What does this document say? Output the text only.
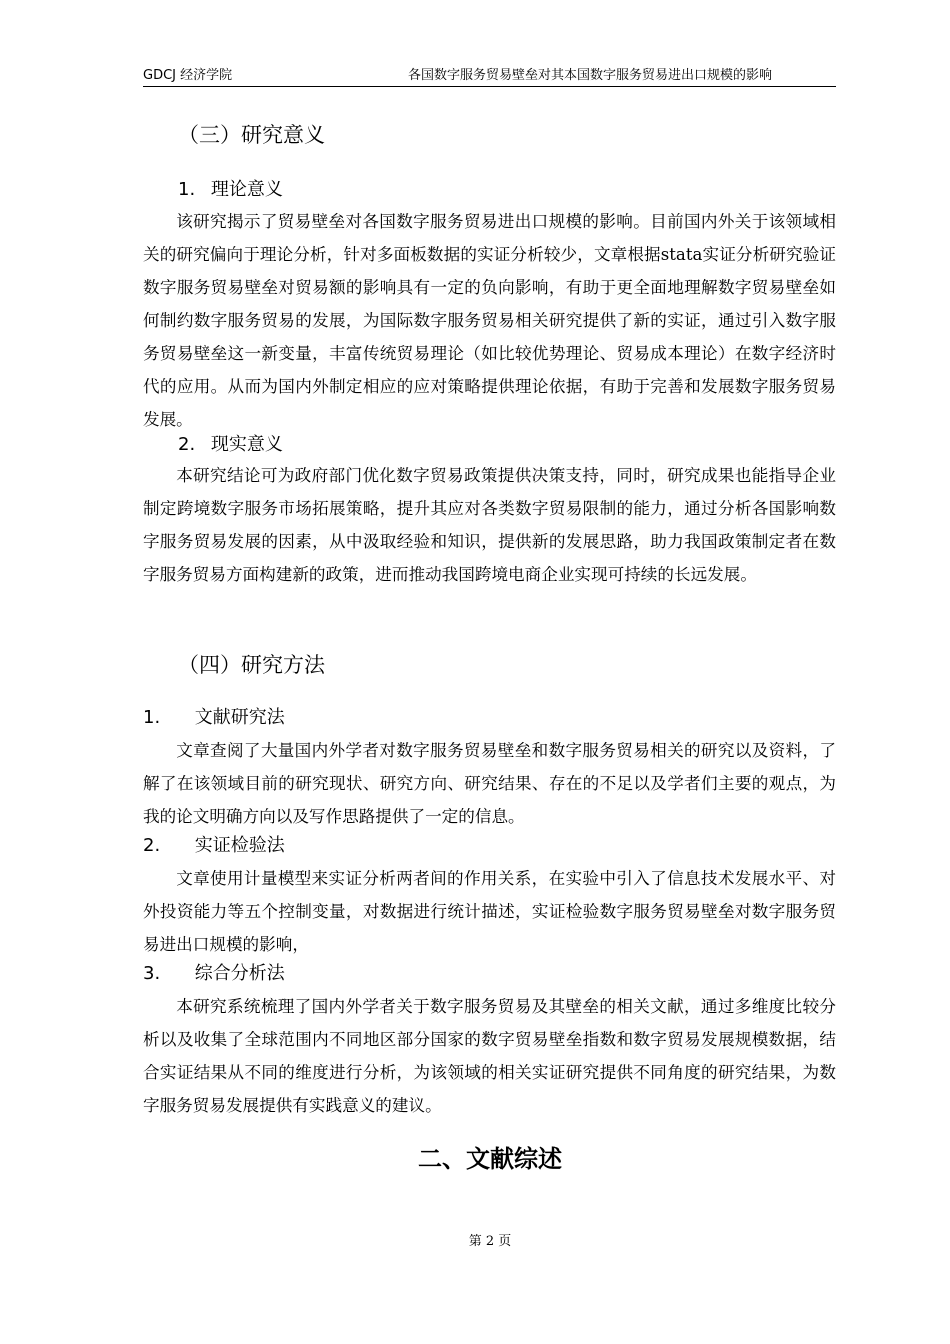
GDCJ 经济学院	各国数字服务贸易壁垒对其本国数字服务贸易进出口规模的影响
（三）研究意义
1. 理论意义

该研究揭示了贸易壁垒对各国数字服务贸易进出口规模的影响。目前国内外关于该领域相关的研究偏向于理论分析，针对多面板数据的实证分析较少，文章根据stata实证分析研究验证数字服务贸易壁垒对贸易额的影响具有一定的负向影响，有助于更全面地理解数字贸易壁垒如何制约数字服务贸易的发展，为国际数字服务贸易相关研究提供了新的实证，通过引入数字服务贸易壁垒这一新变量，丰富传统贸易理论（如比较优势理论、贸易成本理论）在数字经济时代的应用。从而为国内外制定相应的应对策略提供理论依据，有助于完善和发展数字服务贸易发展。

2. 现实意义

本研究结论可为政府部门优化数字贸易政策提供决策支持，同时，研究成果也能指导企业制定跨境数字服务市场拓展策略，提升其应对各类数字贸易限制的能力，通过分析各国影响数字服务贸易发展的因素，从中汲取经验和知识，提供新的发展思路，助力我国政策制定者在数字服务贸易方面构建新的政策，进而推动我国跨境电商企业实现可持续的长远发展。

（四）研究方法
1. 文献研究法

文章查阅了大量国内外学者对数字服务贸易壁垒和数字服务贸易相关的研究以及资料，了解了在该领域目前的研究现状、研究方向、研究结果、存在的不足以及学者们主要的观点，为我的论文明确方向以及写作思路提供了一定的信息。

2. 实证检验法

文章使用计量模型来实证分析两者间的作用关系，在实验中引入了信息技术发展水平、对外投资能力等五个控制变量，对数据进行统计描述，实证检验数字服务贸易壁垒对数字服务贸易进出口规模的影响，

3. 综合分析法

本研究系统梳理了国内外学者关于数字服务贸易及其壁垒的相关文献，通过多维度比较分析以及收集了全球范围内不同地区部分国家的数字贸易壁垒指数和数字贸易发展规模数据，结合实证结果从不同的维度进行分析，为该领域的相关实证研究提供不同角度的研究结果，为数字服务贸易发展提供有实践意义的建议。

二、文献综述
第 2 页
